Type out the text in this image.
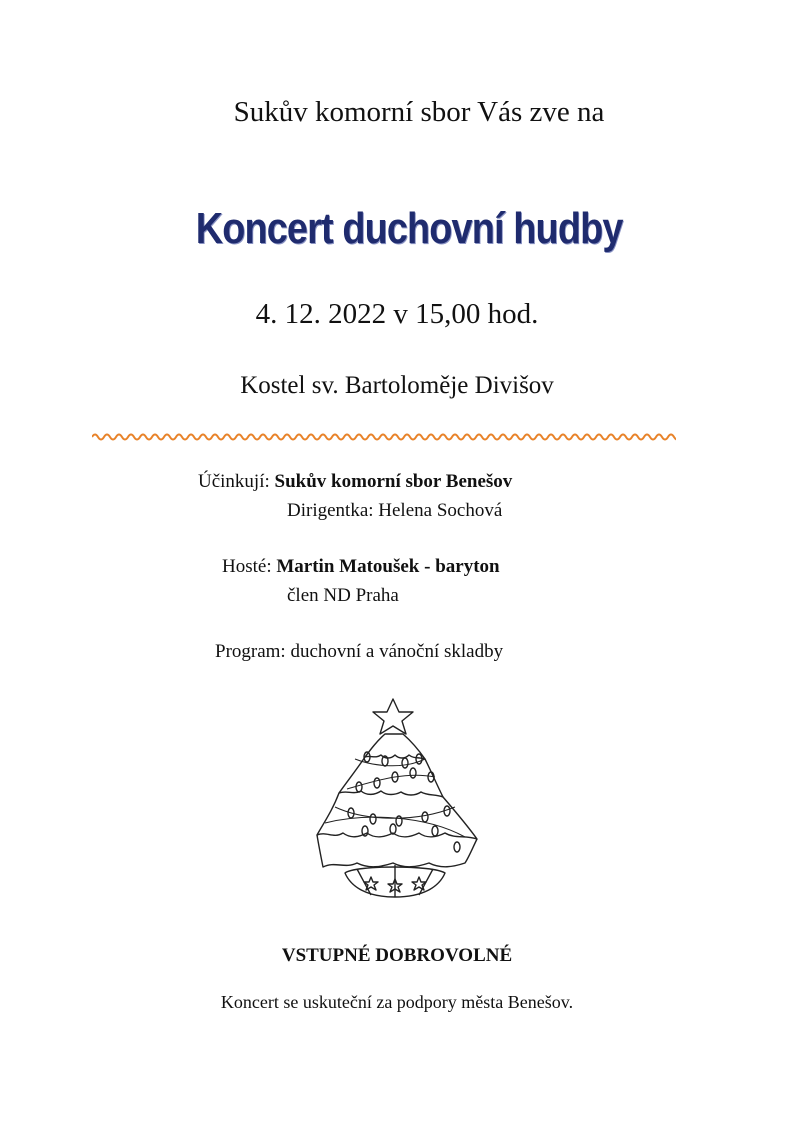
Sukův komorní sbor Vás zve na
Koncert duchovní hudby
4. 12. 2022 v 15,00 hod.
Kostel sv. Bartoloměje Divišov
Účinkují: Sukův komorní sbor Benešov
Dirigentka: Helena Sochová
Hosté: Martin Matoušek - baryton
člen ND Praha
Program: duchovní a vánoční skladby
VSTUPNÉ DOBROVOLNÉ
Koncert se uskuteční za podpory města Benešov.
